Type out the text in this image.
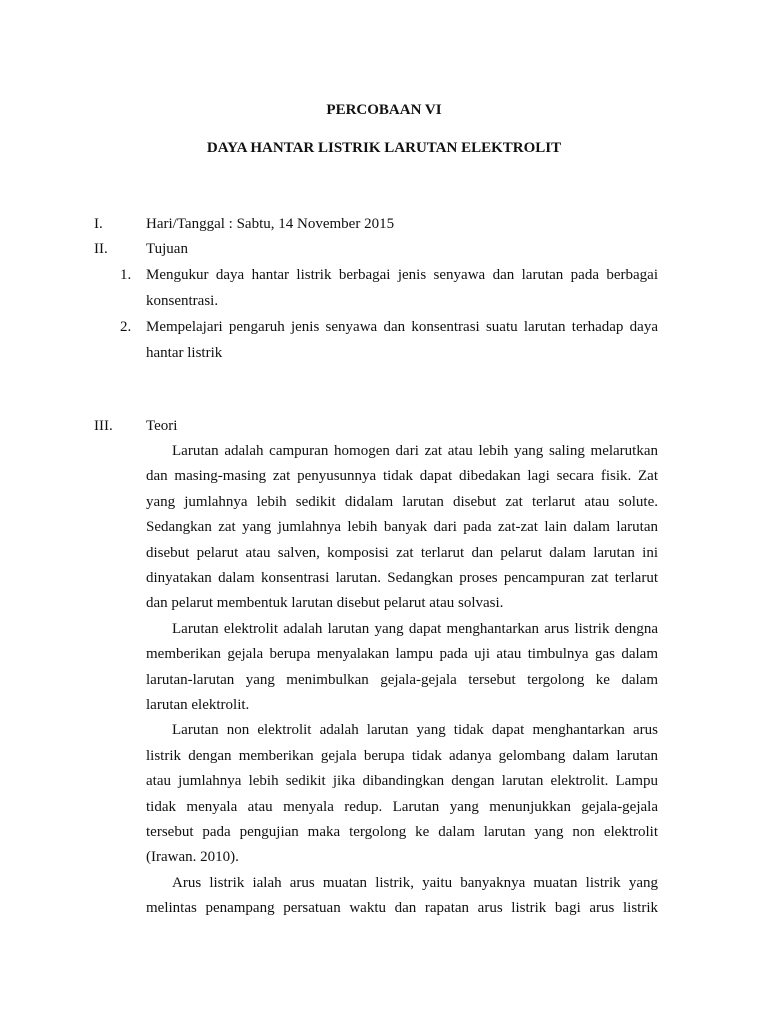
PERCOBAAN VI
DAYA HANTAR LISTRIK LARUTAN ELEKTROLIT
I.	Hari/Tanggal : Sabtu, 14 November 2015
II.	Tujuan
1. Mengukur daya hantar listrik berbagai jenis senyawa dan larutan pada berbagai
konsentrasi.
2. Mempelajari pengaruh jenis senyawa dan konsentrasi suatu larutan terhadap daya
hantar listrik
III. Teori
Larutan adalah campuran homogen dari zat atau lebih yang saling melarutkan
dan masing-masing zat penyusunnya tidak dapat dibedakan lagi secara fisik. Zat
yang jumlahnya lebih sedikit didalam larutan disebut zat terlarut atau solute.
Sedangkan zat yang jumlahnya lebih banyak dari pada zat-zat lain dalam larutan
disebut pelarut atau salven, komposisi zat terlarut dan pelarut dalam larutan ini
dinyatakan dalam konsentrasi larutan. Sedangkan proses pencampuran zat terlarut
dan pelarut membentuk larutan disebut pelarut atau solvasi.
Larutan elektrolit adalah larutan yang dapat menghantarkan arus listrik dengna
memberikan gejala berupa menyalakan lampu pada uji atau timbulnya gas dalam
larutan-larutan yang menimbulkan gejala-gejala tersebut tergolong ke dalam
larutan elektrolit.
Larutan non elektrolit adalah larutan yang tidak dapat menghantarkan arus
listrik dengan memberikan gejala berupa tidak adanya gelombang dalam larutan
atau jumlahnya lebih sedikit jika dibandingkan dengan larutan elektrolit. Lampu
tidak menyala atau menyala redup. Larutan yang menunjukkan gejala-gejala
tersebut pada pengujian maka tergolong ke dalam larutan yang non elektrolit
(Irawan. 2010).
Arus listrik ialah arus muatan listrik, yaitu banyaknya muatan listrik yang
melintas penampang persatuan waktu dan rapatan arus listrik bagi arus listrik
